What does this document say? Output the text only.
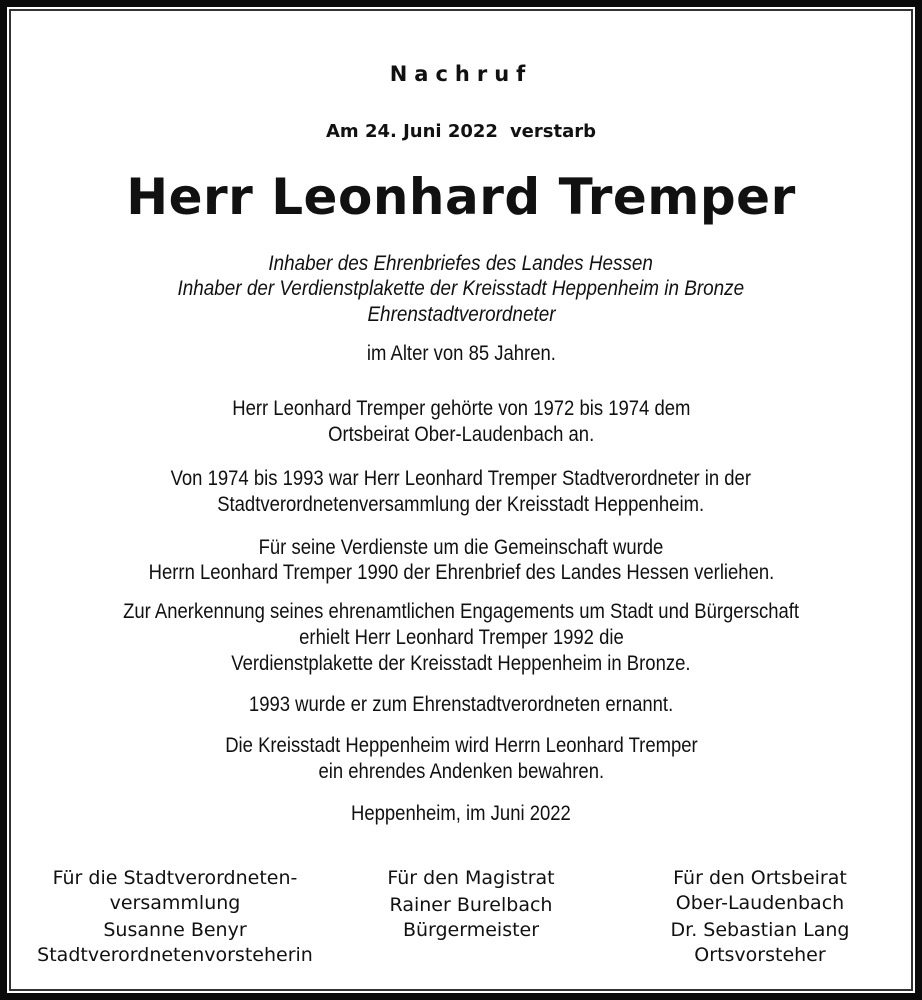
Nachruf
Am 24. Juni 2022 verstarb
Herr Leonhard Tremper
Inhaber des Ehrenbriefes des Landes Hessen
Inhaber der Verdienstplakette der Kreisstadt Heppenheim in Bronze
Ehrenstadtverordneter
im Alter von 85 Jahren.
Herr Leonhard Tremper gehörte von 1972 bis 1974 dem
Ortsbeirat Ober-Laudenbach an.
Von 1974 bis 1993 war Herr Leonhard Tremper Stadtverordneter in der
Stadtverordnetenversammlung der Kreisstadt Heppenheim.
Für seine Verdienste um die Gemeinschaft wurde
Herrn Leonhard Tremper 1990 der Ehrenbrief des Landes Hessen verliehen.
Zur Anerkennung seines ehrenamtlichen Engagements um Stadt und Bürgerschaft
erhielt Herr Leonhard Tremper 1992 die
Verdienstplakette der Kreisstadt Heppenheim in Bronze.
1993 wurde er zum Ehrenstadtverordneten ernannt.
Die Kreisstadt Heppenheim wird Herrn Leonhard Tremper
ein ehrendes Andenken bewahren.
Heppenheim, im Juni 2022
Für die Stadtverordneten-
versammlung
Susanne Benyr
Stadtverordnetenvorsteherin
Für den Magistrat
Rainer Burelbach
Bürgermeister
Für den Ortsbeirat
Ober-Laudenbach
Dr. Sebastian Lang
Ortsvorsteher
